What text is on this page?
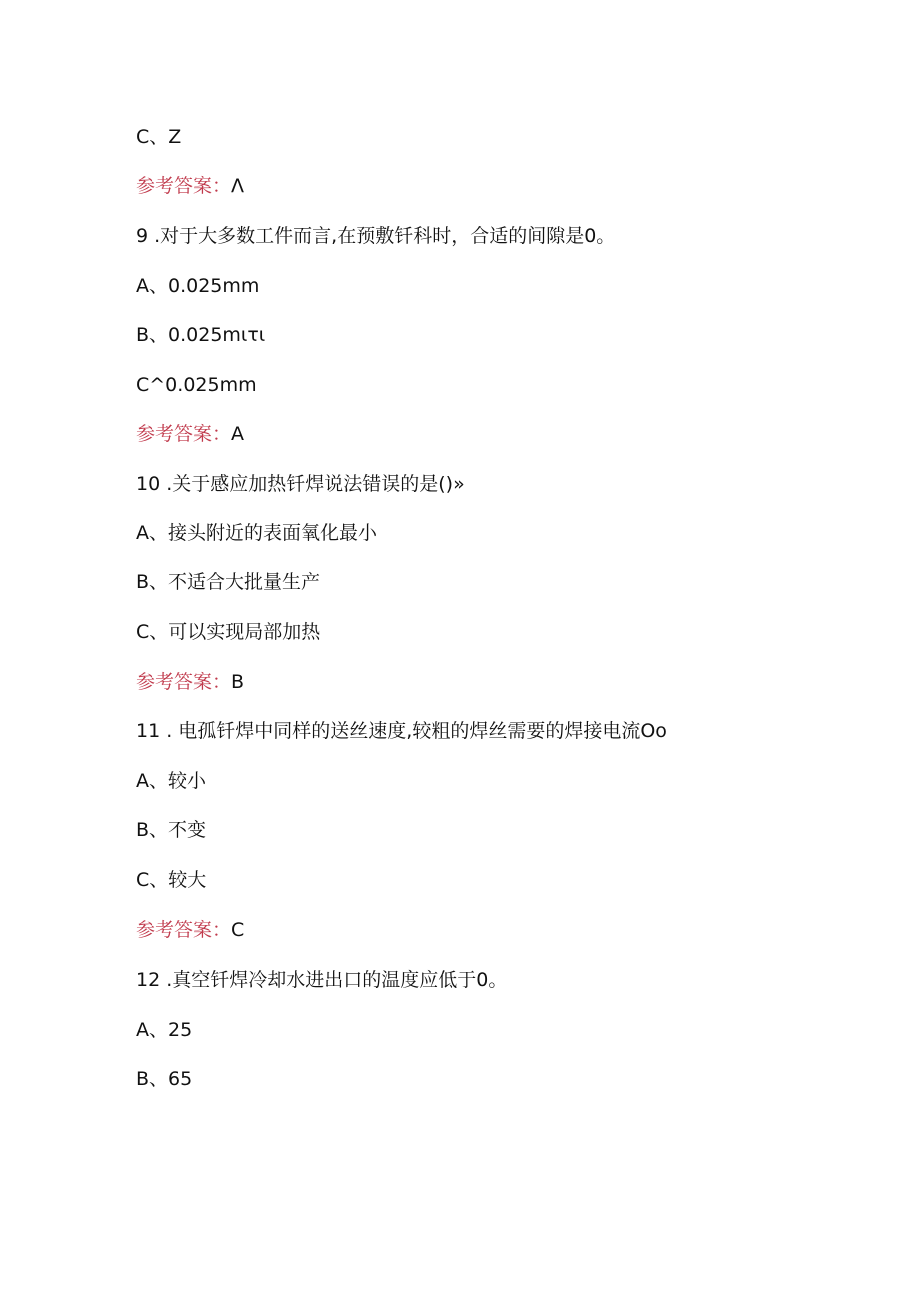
C、Z
参考答案：Λ
9 .对于大多数工件而言,在预敷钎科时，合适的间隙是0。
A、0.025mm
B、0.025mιτι
C^0.025mm
参考答案：A
10 .关于感应加热钎焊说法错误的是()»
A、接头附近的表面氧化最小
B、不适合大批量生产
C、可以实现局部加热
参考答案：B
11 . 电孤钎焊中同样的送丝速度,较粗的焊丝需要的焊接电流Oo
A、较小
B、不变
C、较大
参考答案：C
12 .真空钎焊冷却水进出口的温度应低于0。
A、25
B、65
